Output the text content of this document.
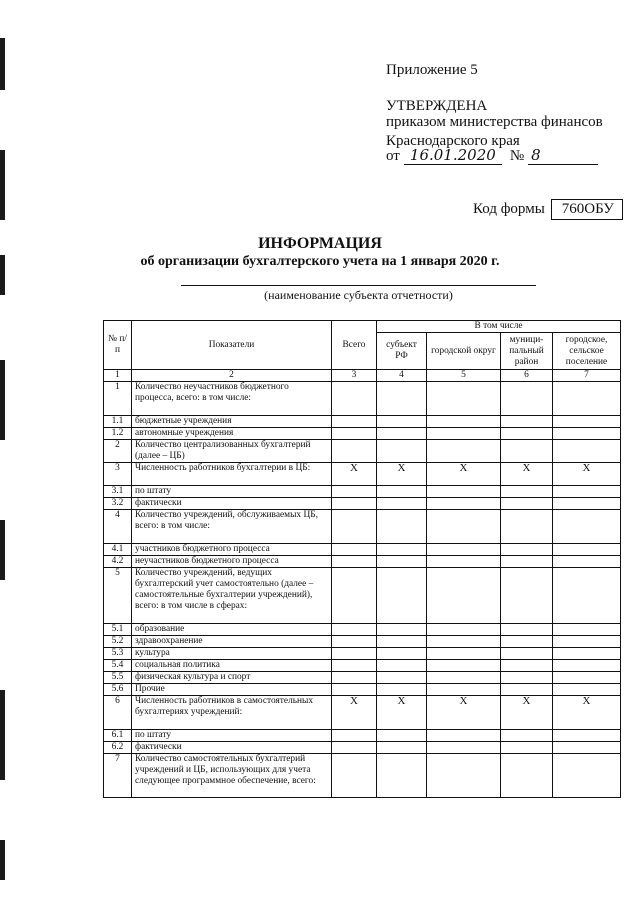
Приложение 5
УТВЕРЖДЕНА
приказом министерства финансов Краснодарского края
от 16.01.2020 № 8
Код формы	760ОБУ
ИНФОРМАЦИЯ
об организации бухгалтерского учета на 1 января 2020 г.
(наименование субъекта отчетности)
№ п/п	Показатели	Всего	В том числе			
			субъект РФ	городской округ	муници-пальный район	городское, сельское поселение
1	2	3	4	5	6	7
1	Количество неучастников бюджетного процесса, всего: в том числе:					
1.1	бюджетные учреждения					
1.2	автономные учреждения					
2	Количество централизованных бухгалтерий (далее – ЦБ)					
3	Численность работников бухгалтерии в ЦБ:	Х	Х	Х	Х	Х
3.1	по штату					
3.2	фактически					
4	Количество учреждений, обслуживаемых ЦБ, всего: в том числе:					
4.1	участников бюджетного процесса					
4.2	неучастников бюджетного процесса					
5	Количество учреждений, ведущих бухгалтерский учет самостоятельно (далее – самостоятельные бухгалтерии учреждений), всего: в том числе в сферах:					
5.1	образование					
5.2	здравоохранение					
5.3	культура					
5.4	социальная политика					
5.5	физическая культура и спорт					
5.6	Прочие					
6	Численность работников в самостоятельных бухгалтериях учреждений:	Х	Х	Х	Х	Х
6.1	по штату					
6.2	фактически					
7	Количество самостоятельных бухгалтерий учреждений и ЦБ, использующих для учета следующее программное обеспечение, всего:					
